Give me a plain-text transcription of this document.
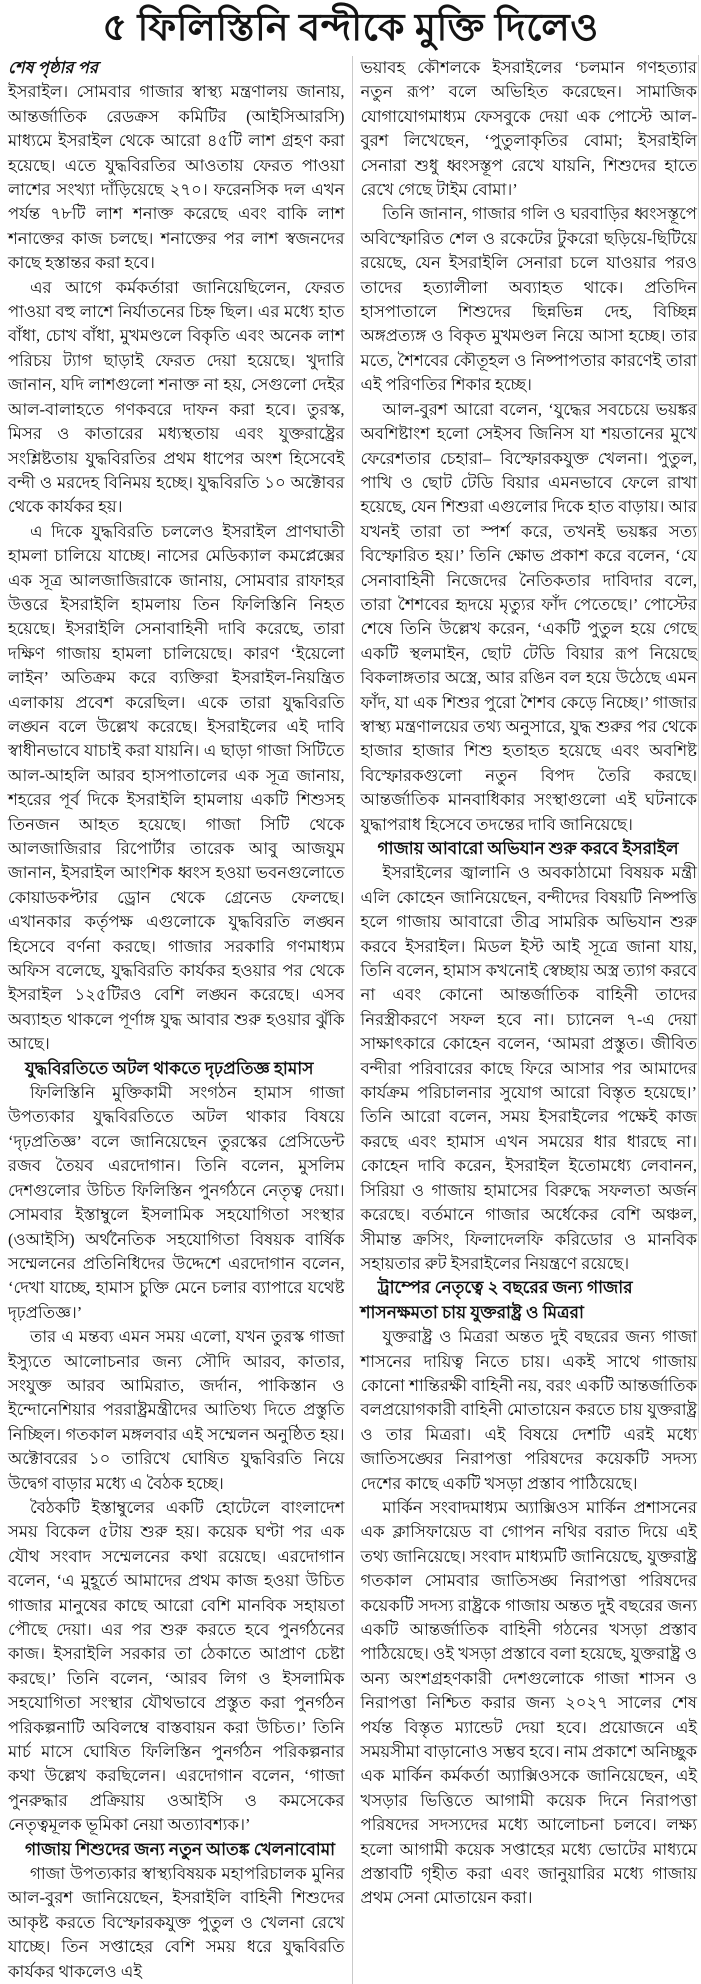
৫ ফিলিস্তিনি বন্দীকে মুক্তি দিলেও

শেষ পৃষ্ঠার পর

ইসরাইল। সোমবার গাজার স্বাস্থ্য মন্ত্রণালয় জানায়, আন্তর্জাতিক রেডক্রস কমিটির (আইসিআরসি) মাধ্যমে ইসরাইল থেকে আরো ৪৫টি লাশ গ্রহণ করা হয়েছে। এতে যুদ্ধবিরতির আওতায় ফেরত পাওয়া লাশের সংখ্যা দাঁড়িয়েছে ২৭০। ফরেনসিক দল এখন পর্যন্ত ৭৮টি লাশ শনাক্ত করেছে এবং বাকি লাশ শনাক্তের কাজ চলছে। শনাক্তের পর লাশ স্বজনদের কাছে হস্তান্তর করা হবে।

এর আগে কর্মকর্তারা জানিয়েছিলেন, ফেরত পাওয়া বহু লাশে নির্যাতনের চিহ্ন ছিল। এর মধ্যে হাত বাঁধা, চোখ বাঁধা, মুখমণ্ডলে বিকৃতি এবং অনেক লাশ পরিচয় ট্যাগ ছাড়াই ফেরত দেয়া হয়েছে। খুদারি জানান, যদি লাশগুলো শনাক্ত না হয়, সেগুলো দেইর আল-বালাহতে গণকবরে দাফন করা হবে। তুরস্ক, মিসর ও কাতারের মধ্যস্থতায় এবং যুক্তরাষ্ট্রের সংশ্লিষ্টতায় যুদ্ধবিরতির প্রথম ধাপের অংশ হিসেবেই বন্দী ও মরদেহ বিনিময় হচ্ছে। যুদ্ধবিরতি ১০ অক্টোবর থেকে কার্যকর হয়।

এ দিকে যুদ্ধবিরতি চললেও ইসরাইল প্রাণঘাতী হামলা চালিয়ে যাচ্ছে। নাসের মেডিক্যাল কমপ্লেক্সের এক সূত্র আলজাজিরাকে জানায়, সোমবার রাফাহর উত্তরে ইসরাইলি হামলায় তিন ফিলিস্তিনি নিহত হয়েছে। ইসরাইলি সেনাবাহিনী দাবি করেছে, তারা দক্ষিণ গাজায় হামলা চালিয়েছে। কারণ ‘ইয়েলো লাইন’ অতিক্রম করে ব্যক্তিরা ইসরাইল-নিয়ন্ত্রিত এলাকায় প্রবেশ করেছিল। একে তারা যুদ্ধবিরতি লঙ্ঘন বলে উল্লেখ করেছে। ইসরাইলের এই দাবি স্বাধীনভাবে যাচাই করা যায়নি। এ ছাড়া গাজা সিটিতে আল-আহলি আরব হাসপাতালের এক সূত্র জানায়, শহরের পূর্ব দিকে ইসরাইলি হামলায় একটি শিশুসহ তিনজন আহত হয়েছে। গাজা সিটি থেকে আলজাজিরার রিপোর্টার তারেক আবু আজযুম জানান, ইসরাইল আংশিক ধ্বংস হওয়া ভবনগুলোতে কোয়াডকপ্টার ড্রোন থেকে গ্রেনেড ফেলছে। এখানকার কর্তৃপক্ষ এগুলোকে যুদ্ধবিরতি লঙ্ঘন হিসেবে বর্ণনা করছে। গাজার সরকারি গণমাধ্যম অফিস বলেছে, যুদ্ধবিরতি কার্যকর হওয়ার পর থেকে ইসরাইল ১২৫টিরও বেশি লঙ্ঘন করেছে। এসব অব্যাহত থাকলে পূর্ণাঙ্গ যুদ্ধ আবার শুরু হওয়ার ঝুঁকি আছে।

যুদ্ধবিরতিতে অটল থাকতে দৃঢ়প্রতিজ্ঞ হামাস

ফিলিস্তিনি মুক্তিকামী সংগঠন হামাস গাজা উপত্যকার যুদ্ধবিরতিতে অটল থাকার বিষয়ে ‘দৃঢ়প্রতিজ্ঞ’ বলে জানিয়েছেন তুরস্কের প্রেসিডেন্ট রজব তৈয়ব এরদোগান। তিনি বলেন, মুসলিম দেশগুলোর উচিত ফিলিস্তিন পুনর্গঠনে নেতৃত্ব দেয়া। সোমবার ইস্তাম্বুলে ইসলামিক সহযোগিতা সংস্থার (ওআইসি) অর্থনৈতিক সহযোগিতা বিষয়ক বার্ষিক সম্মেলনের প্রতিনিধিদের উদ্দেশে এরদোগান বলেন, ‘দেখা যাচ্ছে, হামাস চুক্তি মেনে চলার ব্যাপারে যথেষ্ট দৃঢ়প্রতিজ্ঞ।’

তার এ মন্তব্য এমন সময় এলো, যখন তুরস্ক গাজা ইস্যুতে আলোচনার জন্য সৌদি আরব, কাতার, সংযুক্ত আরব আমিরাত, জর্দান, পাকিস্তান ও ইন্দোনেশিয়ার পররাষ্ট্রমন্ত্রীদের আতিথ্য দিতে প্রস্তুতি নিচ্ছিল। গতকাল মঙ্গলবার এই সম্মেলন অনুষ্ঠিত হয়। অক্টোবরের ১০ তারিখে ঘোষিত যুদ্ধবিরতি নিয়ে উদ্বেগ বাড়ার মধ্যে এ বৈঠক হচ্ছে।

বৈঠকটি ইস্তাম্বুলের একটি হোটেলে বাংলাদেশ সময় বিকেল ৫টায় শুরু হয়। কয়েক ঘণ্টা পর এক যৌথ সংবাদ সম্মেলনের কথা রয়েছে। এরদোগান বলেন, ‘এ মুহূর্তে আমাদের প্রথম কাজ হওয়া উচিত গাজার মানুষের কাছে আরো বেশি মানবিক সহায়তা পৌছে দেয়া। এর পর শুরু করতে হবে পুনর্গঠনের কাজ। ইসরাইলি সরকার তা ঠেকাতে আপ্রাণ চেষ্টা করছে।’ তিনি বলেন, ‘আরব লিগ ও ইসলামিক সহযোগিতা সংস্থার যৌথভাবে প্রস্তুত করা পুনর্গঠন পরিকল্পনাটি অবিলম্বে বাস্তবায়ন করা উচিত।’ তিনি মার্চ মাসে ঘোষিত ফিলিস্তিন পুনর্গঠন পরিকল্পনার কথা উল্লেখ করছিলেন। এরদোগান বলেন, ‘গাজা পুনরুদ্ধার প্রক্রিয়ায় ওআইসি ও কমসেকের নেতৃত্বমূলক ভূমিকা নেয়া অত্যাবশ্যক।’

গাজায় শিশুদের জন্য নতুন আতঙ্ক খেলনাবোমা

গাজা উপত্যকার স্বাস্থ্যবিষয়ক মহাপরিচালক মুনির আল-বুরশ জানিয়েছেন, ইসরাইলি বাহিনী শিশুদের আকৃষ্ট করতে বিস্ফোরকযুক্ত পুতুল ও খেলনা রেখে যাচ্ছে। তিন সপ্তাহের বেশি সময় ধরে যুদ্ধবিরতি কার্যকর থাকলেও এই

ভয়াবহ কৌশলকে ইসরাইলের ‘চলমান গণহত্যার নতুন রূপ’ বলে অভিহিত করেছেন। সামাজিক যোগাযোগমাধ্যম ফেসবুকে দেয়া এক পোস্টে আল-বুরশ লিখেছেন, ‘পুতুলাকৃতির বোমা; ইসরাইলি সেনারা শুধু ধ্বংসস্তূপ রেখে যায়নি, শিশুদের হাতে রেখে গেছে টাইম বোমা।’

তিনি জানান, গাজার গলি ও ঘরবাড়ির ধ্বংসস্তূপে অবিস্ফোরিত শেল ও রকেটের টুকরো ছড়িয়ে-ছিটিয়ে রয়েছে, যেন ইসরাইলি সেনারা চলে যাওয়ার পরও তাদের হত্যালীলা অব্যাহত থাকে। প্রতিদিন হাসপাতালে শিশুদের ছিন্নভিন্ন দেহ, বিচ্ছিন্ন অঙ্গপ্রত্যঙ্গ ও বিকৃত মুখমণ্ডল নিয়ে আসা হচ্ছে। তার মতে, শৈশবের কৌতূহল ও নিষ্পাপতার কারণেই তারা এই পরিণতির শিকার হচ্ছে।

আল-বুরশ আরো বলেন, ‘যুদ্ধের সবচেয়ে ভয়ঙ্কর অবশিষ্টাংশ হলো সেইসব জিনিস যা শয়তানের মুখে ফেরেশতার চেহারা– বিস্ফোরকযুক্ত খেলনা। পুতুল, পাখি ও ছোট টেডি বিয়ার এমনভাবে ফেলে রাখা হয়েছে, যেন শিশুরা এগুলোর দিকে হাত বাড়ায়। আর যখনই তারা তা স্পর্শ করে, তখনই ভয়ঙ্কর সত্য বিস্ফোরিত হয়।’ তিনি ক্ষোভ প্রকাশ করে বলেন, ‘যে সেনাবাহিনী নিজেদের নৈতিকতার দাবিদার বলে, তারা শৈশবের হৃদয়ে মৃত্যুর ফাঁদ পেতেছে।’ পোস্টের শেষে তিনি উল্লেখ করেন, ‘একটি পুতুল হয়ে গেছে একটি স্থলমাইন, ছোট টেডি বিয়ার রূপ নিয়েছে বিকলাঙ্গতার অস্ত্রে, আর রঙিন বল হয়ে উঠেছে এমন ফাঁদ, যা এক শিশুর পুরো শৈশব কেড়ে নিচ্ছে।’ গাজার স্বাস্থ্য মন্ত্রণালয়ের তথ্য অনুসারে, যুদ্ধ শুরুর পর থেকে হাজার হাজার শিশু হতাহত হয়েছে এবং অবশিষ্ট বিস্ফোরকগুলো নতুন বিপদ তৈরি করছে। আন্তর্জাতিক মানবাধিকার সংস্থাগুলো এই ঘটনাকে যুদ্ধাপরাধ হিসেবে তদন্তের দাবি জানিয়েছে।

গাজায় আবারো অভিযান শুরু করবে ইসরাইল

ইসরাইলের জ্বালানি ও অবকাঠামো বিষয়ক মন্ত্রী এলি কোহেন জানিয়েছেন, বন্দীদের বিষয়টি নিষ্পত্তি হলে গাজায় আবারো তীব্র সামরিক অভিযান শুরু করবে ইসরাইল। মিডল ইস্ট আই সূত্রে জানা যায়, তিনি বলেন, হামাস কখনোই স্বেচ্ছায় অস্ত্র ত্যাগ করবে না এবং কোনো আন্তর্জাতিক বাহিনী তাদের নিরস্ত্রীকরণে সফল হবে না। চ্যানেল ৭-এ দেয়া সাক্ষাৎকারে কোহেন বলেন, ‘আমরা প্রস্তুত। জীবিত বন্দীরা পরিবারের কাছে ফিরে আসার পর আমাদের কার্যক্রম পরিচালনার সুযোগ আরো বিস্তৃত হয়েছে।’ তিনি আরো বলেন, সময় ইসরাইলের পক্ষেই কাজ করছে এবং হামাস এখন সময়ের ধার ধারছে না। কোহেন দাবি করেন, ইসরাইল ইতোমধ্যে লেবানন, সিরিয়া ও গাজায় হামাসের বিরুদ্ধে সফলতা অর্জন করেছে। বর্তমানে গাজার অর্ধেকের বেশি অঞ্চল, সীমান্ত ক্রসিং, ফিলাদেলফি করিডোর ও মানবিক সহায়তার রুট ইসরাইলের নিয়ন্ত্রণে রয়েছে।

ট্রাম্পের নেতৃত্বে ২ বছরের জন্য গাজার শাসনক্ষমতা চায় যুক্তরাষ্ট্র ও মিত্ররা

যুক্তরাষ্ট্র ও মিত্ররা অন্তত দুই বছরের জন্য গাজা শাসনের দায়িত্ব নিতে চায়। একই সাথে গাজায় কোনো শান্তিরক্ষী বাহিনী নয়, বরং একটি আন্তর্জাতিক বলপ্রয়োগকারী বাহিনী মোতায়েন করতে চায় যুক্তরাষ্ট্র ও তার মিত্ররা। এই বিষয়ে দেশটি এরই মধ্যে জাতিসঙ্ঘের নিরাপত্তা পরিষদের কয়েকটি সদস্য দেশের কাছে একটি খসড়া প্রস্তাব পাঠিয়েছে।

মার্কিন সংবাদমাধ্যম অ্যাক্সিওস মার্কিন প্রশাসনের এক ক্লাসিফায়েড বা গোপন নথির বরাত দিয়ে এই তথ্য জানিয়েছে। সংবাদ মাধ্যমটি জানিয়েছে, যুক্তরাষ্ট্র গতকাল সোমবার জাতিসঙ্ঘ নিরাপত্তা পরিষদের কয়েকটি সদস্য রাষ্ট্রকে গাজায় অন্তত দুই বছরের জন্য একটি আন্তর্জাতিক বাহিনী গঠনের খসড়া প্রস্তাব পাঠিয়েছে। ওই খসড়া প্রস্তাবে বলা হয়েছে, যুক্তরাষ্ট্র ও অন্য অংশগ্রহণকারী দেশগুলোকে গাজা শাসন ও নিরাপত্তা নিশ্চিত করার জন্য ২০২৭ সালের শেষ পর্যন্ত বিস্তৃত ম্যান্ডেট দেয়া হবে। প্রয়োজনে এই সময়সীমা বাড়ানোও সম্ভব হবে। নাম প্রকাশে অনিচ্ছুক এক মার্কিন কর্মকর্তা অ্যাক্সিওসকে জানিয়েছেন, এই খসড়ার ভিত্তিতে আগামী কয়েক দিনে নিরাপত্তা পরিষদের সদস্যদের মধ্যে আলোচনা চলবে। লক্ষ্য হলো আগামী কয়েক সপ্তাহের মধ্যে ভোটের মাধ্যমে প্রস্তাবটি গৃহীত করা এবং জানুয়ারির মধ্যে গাজায় প্রথম সেনা মোতায়েন করা।
